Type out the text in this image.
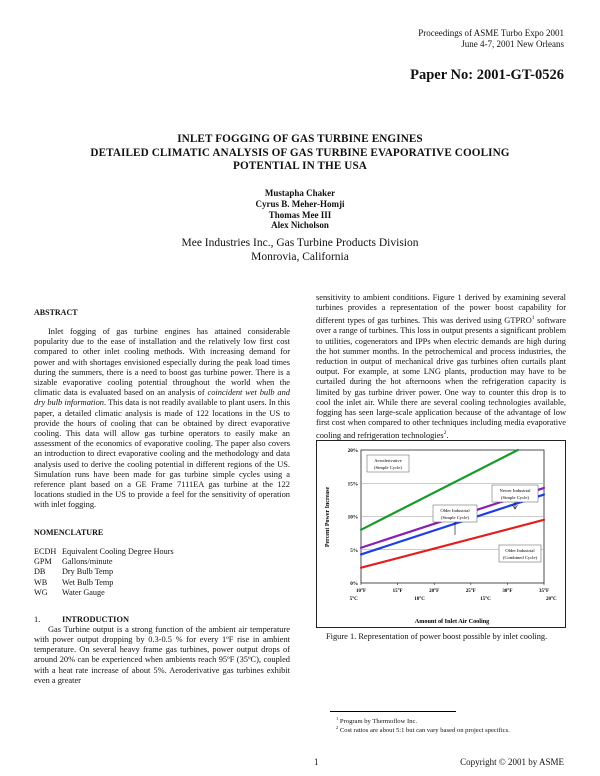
Proceedings of ASME Turbo Expo 2001
June 4-7, 2001 New Orleans
Paper No: 2001-GT-0526
INLET FOGGING OF GAS TURBINE ENGINES
DETAILED CLIMATIC ANALYSIS OF GAS TURBINE EVAPORATIVE COOLING
POTENTIAL IN THE USA
Mustapha Chaker
Cyrus B. Meher-Homji
Thomas Mee III
Alex Nicholson
Mee Industries Inc., Gas Turbine Products Division
Monrovia, California
ABSTRACT
Inlet fogging of gas turbine engines has attained considerable popularity due to the ease of installation and the relatively low first cost compared to other inlet cooling methods. With increasing demand for power and with shortages envisioned especially during the peak load times during the summers, there is a need to boost gas turbine power. There is a sizable evaporative cooling potential throughout the world when the climatic data is evaluated based on an analysis of coincident wet bulb and dry bulb information. This data is not readily available to plant users. In this paper, a detailed climatic analysis is made of 122 locations in the US to provide the hours of cooling that can be obtained by direct evaporative cooling. This data will allow gas turbine operators to easily make an assessment of the economics of evaporative cooling. The paper also covers an introduction to direct evaporative cooling and the methodology and data analysis used to derive the cooling potential in different regions of the US. Simulation runs have been made for gas turbine simple cycles using a reference plant based on a GE Frame 7111EA gas turbine at the 122 locations studied in the US to provide a feel for the sensitivity of operation with inlet fogging.
NOMENCLATURE
ECDH Equivalent Cooling Degree Hours
GPM	Gallons/minute
DB	Dry Bulb Temp
WB	Wet Bulb Temp
WG	Water Gauge
1.	INTRODUCTION
Gas Turbine output is a strong function of the ambient air temperature with power output dropping by 0.3-0.5 % for every 1ºF rise in ambient temperature. On several heavy frame gas turbines, power output drops of around 20% can be experienced when ambients reach 95ºF (35ºC), coupled with a heat rate increase of about 5%. Aeroderivative gas turbines exhibit even a greater
sensitivity to ambient conditions. Figure 1 derived by examining several turbines provides a representation of the power boost capability for different types of gas turbines. This was derived using GTPRO$^1$ software over a range of turbines. This loss in output presents a significant problem to utilities, cogenerators and IPPs when electric demands are high during the hot summer months. In the petrochemical and process industries, the reduction in output of mechanical drive gas turbines often curtails plant output. For example, at some LNG plants, production may have to be curtailed during the hot afternoons when the refrigeration capacity is limited by gas turbine driver power. One way to counter this drop is to cool the inlet air. While there are several cooling technologies available, fogging has seen large-scale application because of the advantage of low first cost when compared to other techniques including media evaporative cooling and refrigeration technologies$^2$.
0%
5%
10%
15%
20%
10°F	15°F	20°F	25°F	30°F	35°F
5°C	10°C	15°C	20°C
Percent Power Increase
Amount of Inlet Air Cooling
Aeroderivative
(Simple Cycle)
Older Industrial
(Simple Cycle)
Newer Industrial
(Simple Cycle)
Older Industrial
(Combined Cycle)
Figure 1. Representation of power boost possible by inlet cooling.
$^1$ Program by Thermoflow Inc.
$^2$ Cost ratios are about 5:1 but can vary based on project specifics.
1	Copyright © 2001 by ASME
